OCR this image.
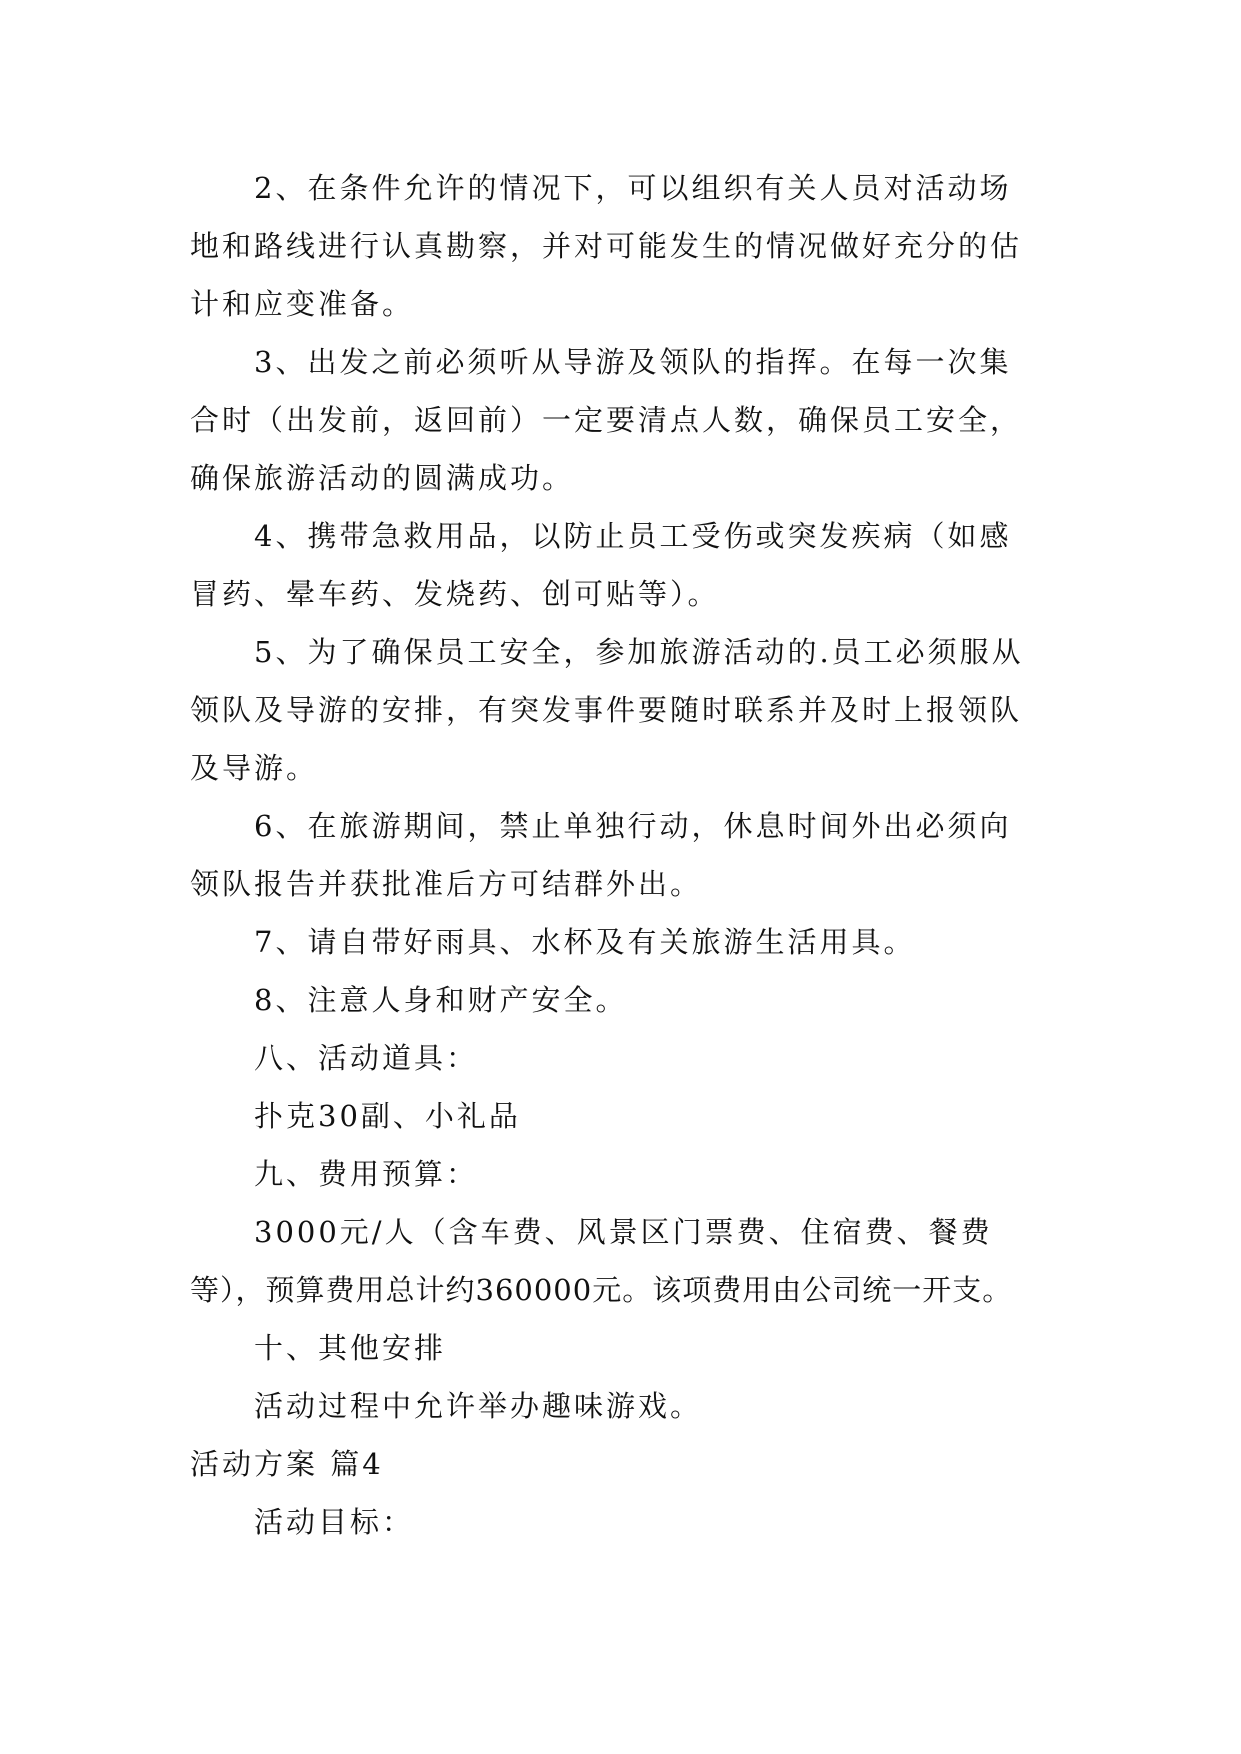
2、在条件允许的情况下，可以组织有关人员对活动场
地和路线进行认真勘察，并对可能发生的情况做好充分的估
计和应变准备。
3、出发之前必须听从导游及领队的指挥。在每一次集
合时（出发前，返回前）一定要清点人数，确保员工安全，
确保旅游活动的圆满成功。
4、携带急救用品，以防止员工受伤或突发疾病（如感
冒药、晕车药、发烧药、创可贴等）。
5、为了确保员工安全，参加旅游活动的.员工必须服从
领队及导游的安排，有突发事件要随时联系并及时上报领队
及导游。
6、在旅游期间，禁止单独行动，休息时间外出必须向
领队报告并获批准后方可结群外出。
7、请自带好雨具、水杯及有关旅游生活用具。
8、注意人身和财产安全。
八、活动道具：
扑克30副、小礼品
九、费用预算：
3000元/人（含车费、风景区门票费、住宿费、餐费
等），预算费用总计约360000元。该项费用由公司统一开支。
十、其他安排
活动过程中允许举办趣味游戏。
活动方案 篇4
活动目标：
